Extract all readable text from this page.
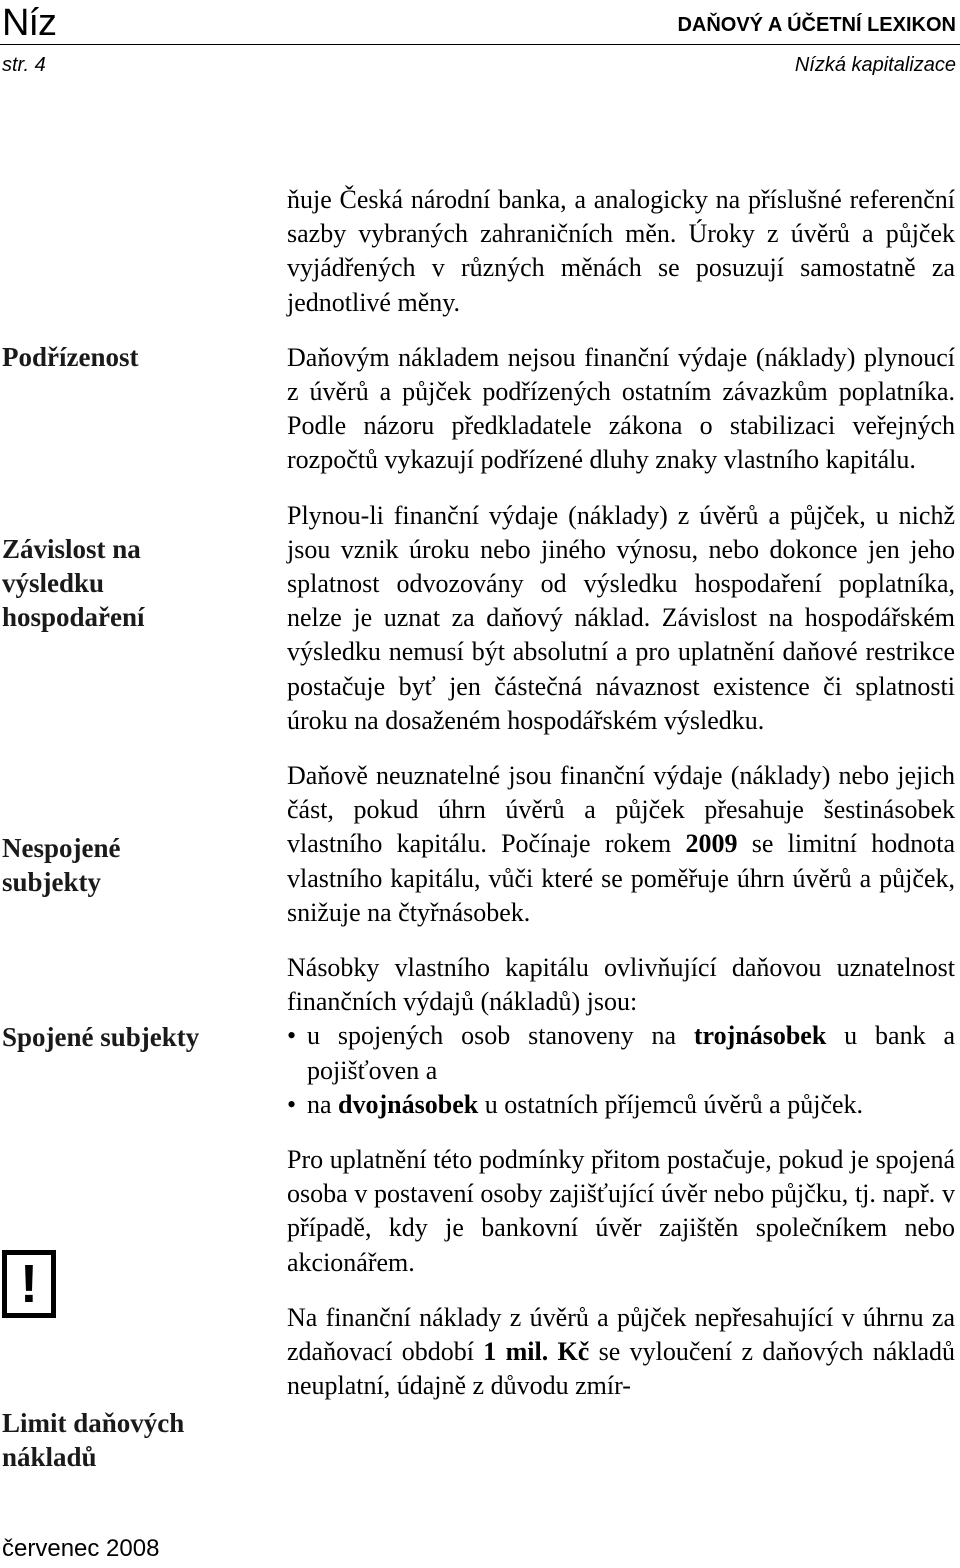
Níz
str. 4
DAŇOVÝ A ÚČETNÍ LEXIKON
Nízká kapitalizace
Podřízenost
Závislost na
výsledku
hospodaření
Nespojené
subjekty
Spojené subjekty
!
Limit daňových
nákladů
červenec 2008

ňuje Česká národní banka, a analogicky na příslušné referenční sazby vybraných zahraničních měn. Úroky z úvěrů a půjček vyjádřených v různých měnách se posuzují samostatně za jednotlivé měny.

Daňovým nákladem nejsou finanční výdaje (náklady) plynoucí z úvěrů a půjček podřízených ostatním závazkům poplatníka. Podle názoru předkladatele zákona o stabilizaci veřejných rozpočtů vykazují podřízené dluhy znaky vlastního kapitálu.

Plynou-li finanční výdaje (náklady) z úvěrů a půjček, u nichž jsou vznik úroku nebo jiného výnosu, nebo dokonce jen jeho splatnost odvozovány od výsledku hospodaření poplatníka, nelze je uznat za daňový náklad. Závislost na hospodářském výsledku nemusí být absolutní a pro uplatnění daňové restrikce postačuje byť jen částečná návaznost existence či splatnosti úroku na dosaženém hospodářském výsledku.

Daňově neuznatelné jsou finanční výdaje (náklady) nebo jejich část, pokud úhrn úvěrů a půjček přesahuje šestinásobek vlastního kapitálu. Počínaje rokem 2009 se limitní hodnota vlastního kapitálu, vůči které se poměřuje úhrn úvěrů a půjček, snižuje na čtyřnásobek.

Násobky vlastního kapitálu ovlivňující daňovou uznatelnost finančních výdajů (nákladů) jsou:

• u spojených osob stanoveny na trojnásobek u bank a pojišťoven a
• na dvojnásobek u ostatních příjemců úvěrů a půjček.

Pro uplatnění této podmínky přitom postačuje, pokud je spojená osoba v postavení osoby zajišťující úvěr nebo půjčku, tj. např. v případě, kdy je bankovní úvěr zajištěn společníkem nebo akcionářem.

Na finanční náklady z úvěrů a půjček nepřesahující v úhrnu za zdaňovací období 1 mil. Kč se vyloučení z daňových nákladů neuplatní, údajně z důvodu zmír-
